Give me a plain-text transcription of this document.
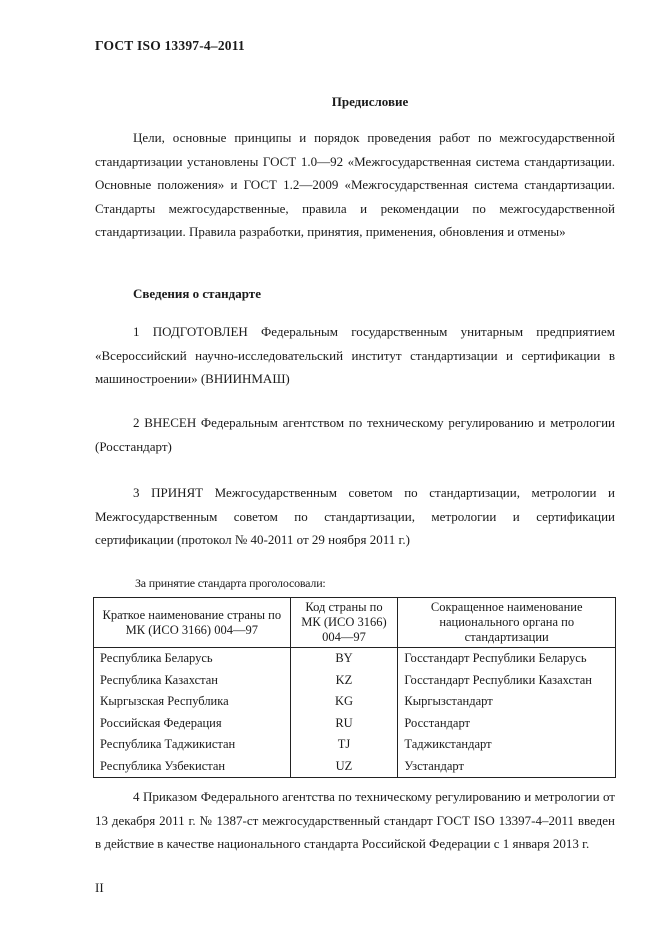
ГОСТ ISO 13397-4–2011
Предисловие

Цели, основные принципы и порядок проведения работ по межгосударственной стандартизации установлены ГОСТ 1.0—92 «Межгосударственная система стандартизации. Основные положения» и ГОСТ 1.2—2009 «Межгосударственная система стандартизации. Стандарты межгосударственные, правила и рекомендации по межгосударственной стандартизации. Правила разработки, принятия, применения, обновления и отмены»

Сведения о стандарте

1 ПОДГОТОВЛЕН Федеральным государственным унитарным предприятием «Всероссийский научно-исследовательский институт стандартизации и сертификации в машиностроении» (ВНИИНМАШ)

2 ВНЕСЕН Федеральным агентством по техническому регулированию и метрологии (Росстандарт)

3 ПРИНЯТ Межгосударственным советом по стандартизации, метрологии и Межгосударственным советом по стандартизации, метрологии и сертификации сертификации (протокол № 40-2011 от 29 ноября 2011 г.)

За принятие стандарта проголосовали:
Краткое наименование страны по МК (ИСО 3166) 004—97	Код страны по МК (ИСО 3166) 004—97	Сокращенное наименование национального органа по стандартизации
Республика Беларусь	BY	Госстандарт Республики Беларусь
Республика Казахстан	KZ	Госстандарт Республики Казахстан
Кыргызская Республика	KG	Кыргызстандарт
Российская Федерация	RU	Росстандарт
Республика Таджикистан	TJ	Таджикстандарт
Республика Узбекистан	UZ	Узстандарт

4 Приказом Федерального агентства по техническому регулированию и метрологии от 13 декабря 2011 г. № 1387-ст межгосударственный стандарт ГОСТ ISO 13397-4–2011 введен в действие в качестве национального стандарта Российской Федерации с 1 января 2013 г.

II
